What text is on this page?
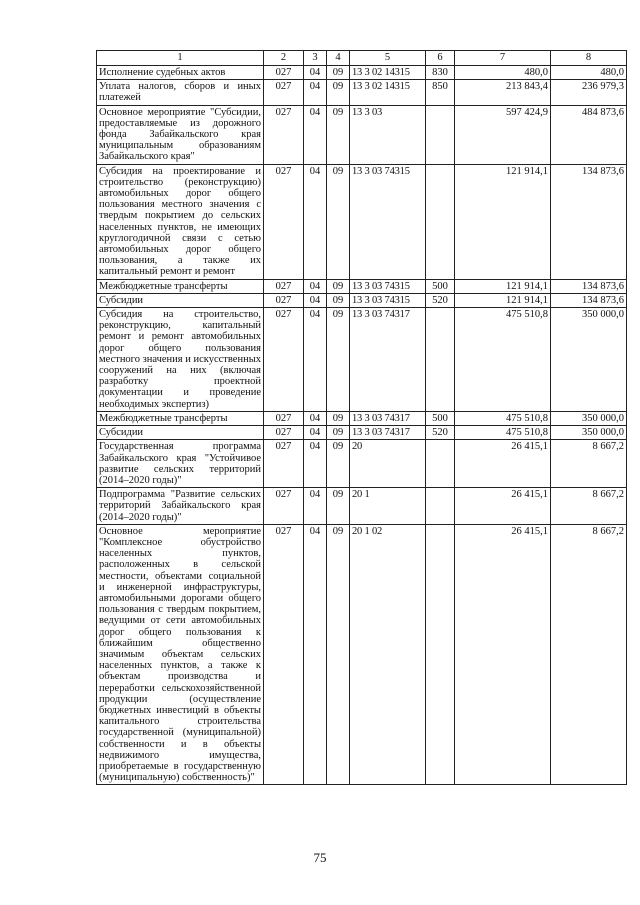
1	2	3	4	5	6	7	8
Исполнение судебных актов	027	04	09	13 3 02 14315	830	480,0	480,0
Уплата налогов, сборов и иных платежей	027	04	09	13 3 02 14315	850	213 843,4	236 979,3
Основное мероприятие "Субсидии, предоставляемые из дорожного фонда Забайкальского края муниципальным образованиям Забайкальского края"	027	04	09	13 3 03		597 424,9	484 873,6
Субсидия на проектирование и строительство (реконструкцию) автомобильных дорог общего пользования местного значения с твердым покрытием до сельских населенных пунктов, не имеющих круглогодичной связи с сетью автомобильных дорог общего пользования, а также их капитальный ремонт и ремонт	027	04	09	13 3 03 74315		121 914,1	134 873,6
Межбюджетные трансферты	027	04	09	13 3 03 74315	500	121 914,1	134 873,6
Субсидии	027	04	09	13 3 03 74315	520	121 914,1	134 873,6
Субсидия на строительство, реконструкцию, капитальный ремонт и ремонт автомобильных дорог общего пользования местного значения и искусственных сооружений на них (включая разработку проектной документации и проведение необходимых экспертиз)	027	04	09	13 3 03 74317		475 510,8	350 000,0
Межбюджетные трансферты	027	04	09	13 3 03 74317	500	475 510,8	350 000,0
Субсидии	027	04	09	13 3 03 74317	520	475 510,8	350 000,0
Государственная программа Забайкальского края "Устойчивое развитие сельских территорий (2014–2020 годы)"	027	04	09	20		26 415,1	8 667,2
Подпрограмма "Развитие сельских территорий Забайкальского края (2014–2020 годы)"	027	04	09	20 1		26 415,1	8 667,2
Основное мероприятие "Комплексное обустройство населенных пунктов, расположенных в сельской местности, объектами социальной и инженерной инфраструктуры, автомобильными дорогами общего пользования с твердым покрытием, ведущими от сети автомобильных дорог общего пользования к ближайшим общественно значимым объектам сельских населенных пунктов, а также к объектам производства и переработки сельскохозяйственной продукции (осуществление бюджетных инвестиций в объекты капитального строительства государственной (муниципальной) собственности и в объекты недвижимого имущества, приобретаемые в государственную (муниципальную) собственность)"	027	04	09	20 1 02		26 415,1	8 667,2
75
